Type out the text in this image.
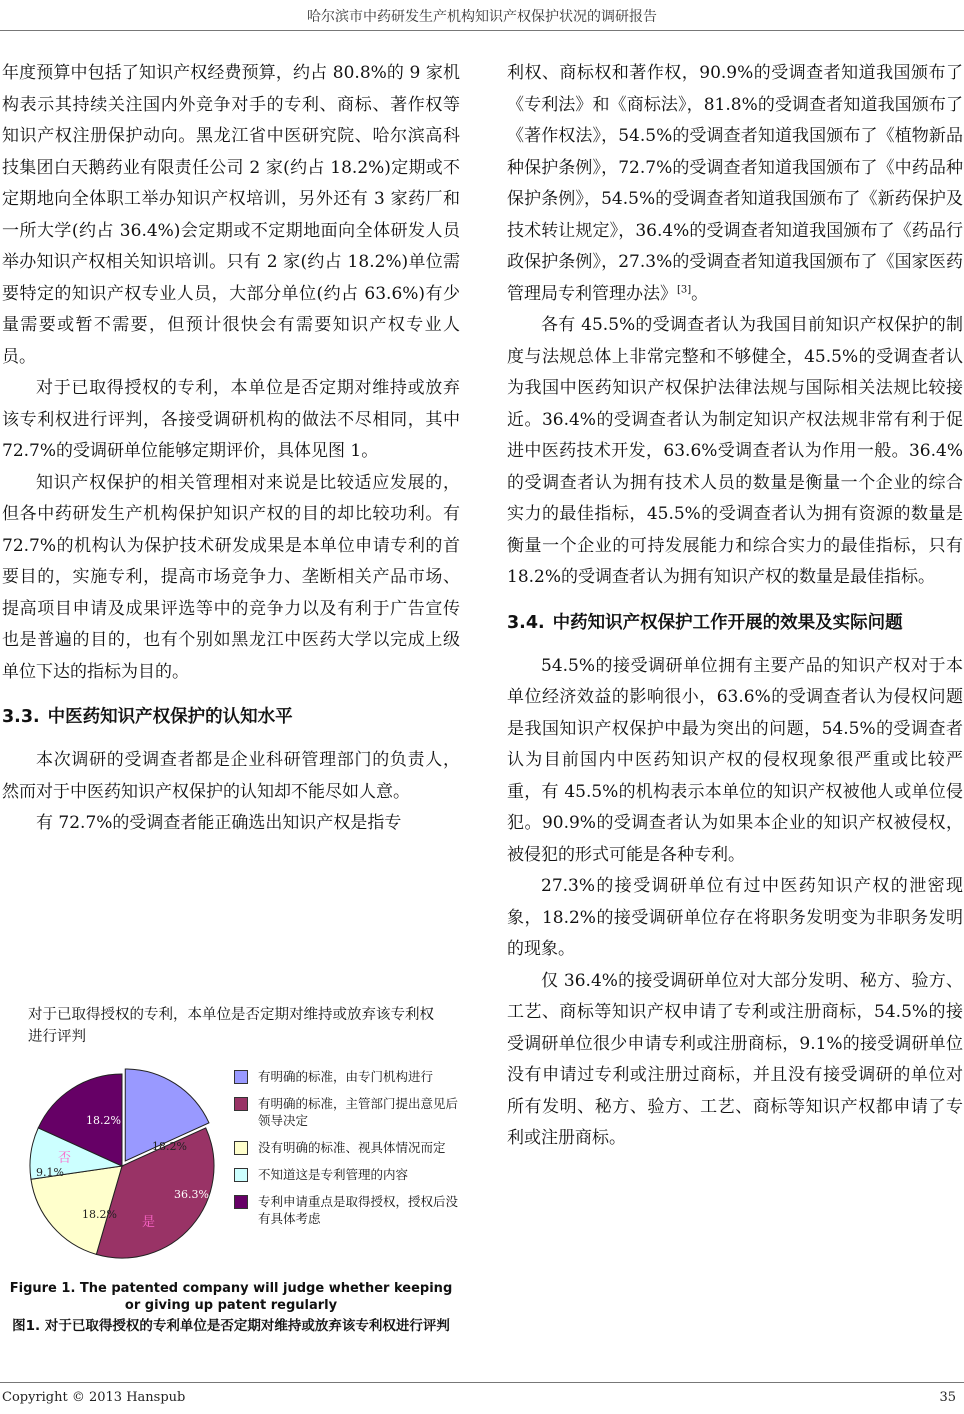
哈尔滨市中药研发生产机构知识产权保护状况的调研报告

年度预算中包括了知识产权经费预算，约占 80.8%的 9 家机构表示其持续关注国内外竞争对手的专利、商标、著作权等知识产权注册保护动向。黑龙江省中医研究院、哈尔滨高科技集团白天鹅药业有限责任公司 2 家(约占 18.2%)定期或不定期地向全体职工举办知识产权培训，另外还有 3 家药厂和一所大学(约占 36.4%)会定期或不定期地面向全体研发人员举办知识产权相关知识培训。只有 2 家(约占 18.2%)单位需要特定的知识产权专业人员，大部分单位(约占 63.6%)有少量需要或暂不需要，但预计很快会有需要知识产权专业人员。

对于已取得授权的专利，本单位是否定期对维持或放弃该专利权进行评判，各接受调研机构的做法不尽相同，其中 72.7%的受调研单位能够定期评价，具体见图 1。

知识产权保护的相关管理相对来说是比较适应发展的，但各中药研发生产机构保护知识产权的目的却比较功利。有 72.7%的机构认为保护技术研发成果是本单位申请专利的首要目的，实施专利，提高市场竞争力、垄断相关产品市场、提高项目申请及成果评选等中的竞争力以及有利于广告宣传也是普遍的目的，也有个别如黑龙江中医药大学以完成上级单位下达的指标为目的。

3.3. 中医药知识产权保护的认知水平

本次调研的受调查者都是企业科研管理部门的负责人，然而对于中医药知识产权保护的认知却不能尽如人意。

有 72.7%的受调查者能正确选出知识产权是指专

对于已取得授权的专利，本单位是否定期对维持或放弃该专利权进行评判
18.2%
36.3%
18.2%
9.1%
18.2%
是
否
有明确的标准，由专门机构进行
有明确的标准，主管部门提出意见后领导决定
没有明确的标准、视具体情况而定
不知道这是专利管理的内容
专利申请重点是取得授权，授权后没有具体考虑
Figure 1. The patented company will judge whether keeping or giving up patent regularly
图1. 对于已取得授权的专利单位是否定期对维持或放弃该专利权进行评判

利权、商标权和著作权，90.9%的受调查者知道我国颁布了《专利法》和《商标法》，81.8%的受调查者知道我国颁布了《著作权法》，54.5%的受调查者知道我国颁布了《植物新品种保护条例》，72.7%的受调查者知道我国颁布了《中药品种保护条例》，54.5%的受调查者知道我国颁布了《新药保护及技术转让规定》，36.4%的受调查者知道我国颁布了《药品行政保护条例》，27.3%的受调查者知道我国颁布了《国家医药管理局专利管理办法》[3]。

各有 45.5%的受调查者认为我国目前知识产权保护的制度与法规总体上非常完整和不够健全，45.5%的受调查者认为我国中医药知识产权保护法律法规与国际相关法规比较接近。36.4%的受调查者认为制定知识产权法规非常有利于促进中医药技术开发，63.6%受调查者认为作用一般。36.4%的受调查者认为拥有技术人员的数量是衡量一个企业的综合实力的最佳指标，45.5%的受调查者认为拥有资源的数量是衡量一个企业的可持发展能力和综合实力的最佳指标，只有 18.2%的受调查者认为拥有知识产权的数量是最佳指标。

3.4. 中药知识产权保护工作开展的效果及实际问题

54.5%的接受调研单位拥有主要产品的知识产权对于本单位经济效益的影响很小，63.6%的受调查者认为侵权问题是我国知识产权保护中最为突出的问题，54.5%的受调查者认为目前国内中医药知识产权的侵权现象很严重或比较严重，有 45.5%的机构表示本单位的知识产权被他人或单位侵犯。90.9%的受调查者认为如果本企业的知识产权被侵权，被侵犯的形式可能是各种专利。

27.3%的接受调研单位有过中医药知识产权的泄密现象，18.2%的接受调研单位存在将职务发明变为非职务发明的现象。

仅 36.4%的接受调研单位对大部分发明、秘方、验方、工艺、商标等知识产权申请了专利或注册商标，54.5%的接受调研单位很少申请专利或注册商标，9.1%的接受调研单位没有申请过专利或注册过商标，并且没有接受调研的单位对所有发明、秘方、验方、工艺、商标等知识产权都申请了专利或注册商标。

Copyright © 2013 Hanspub	35
